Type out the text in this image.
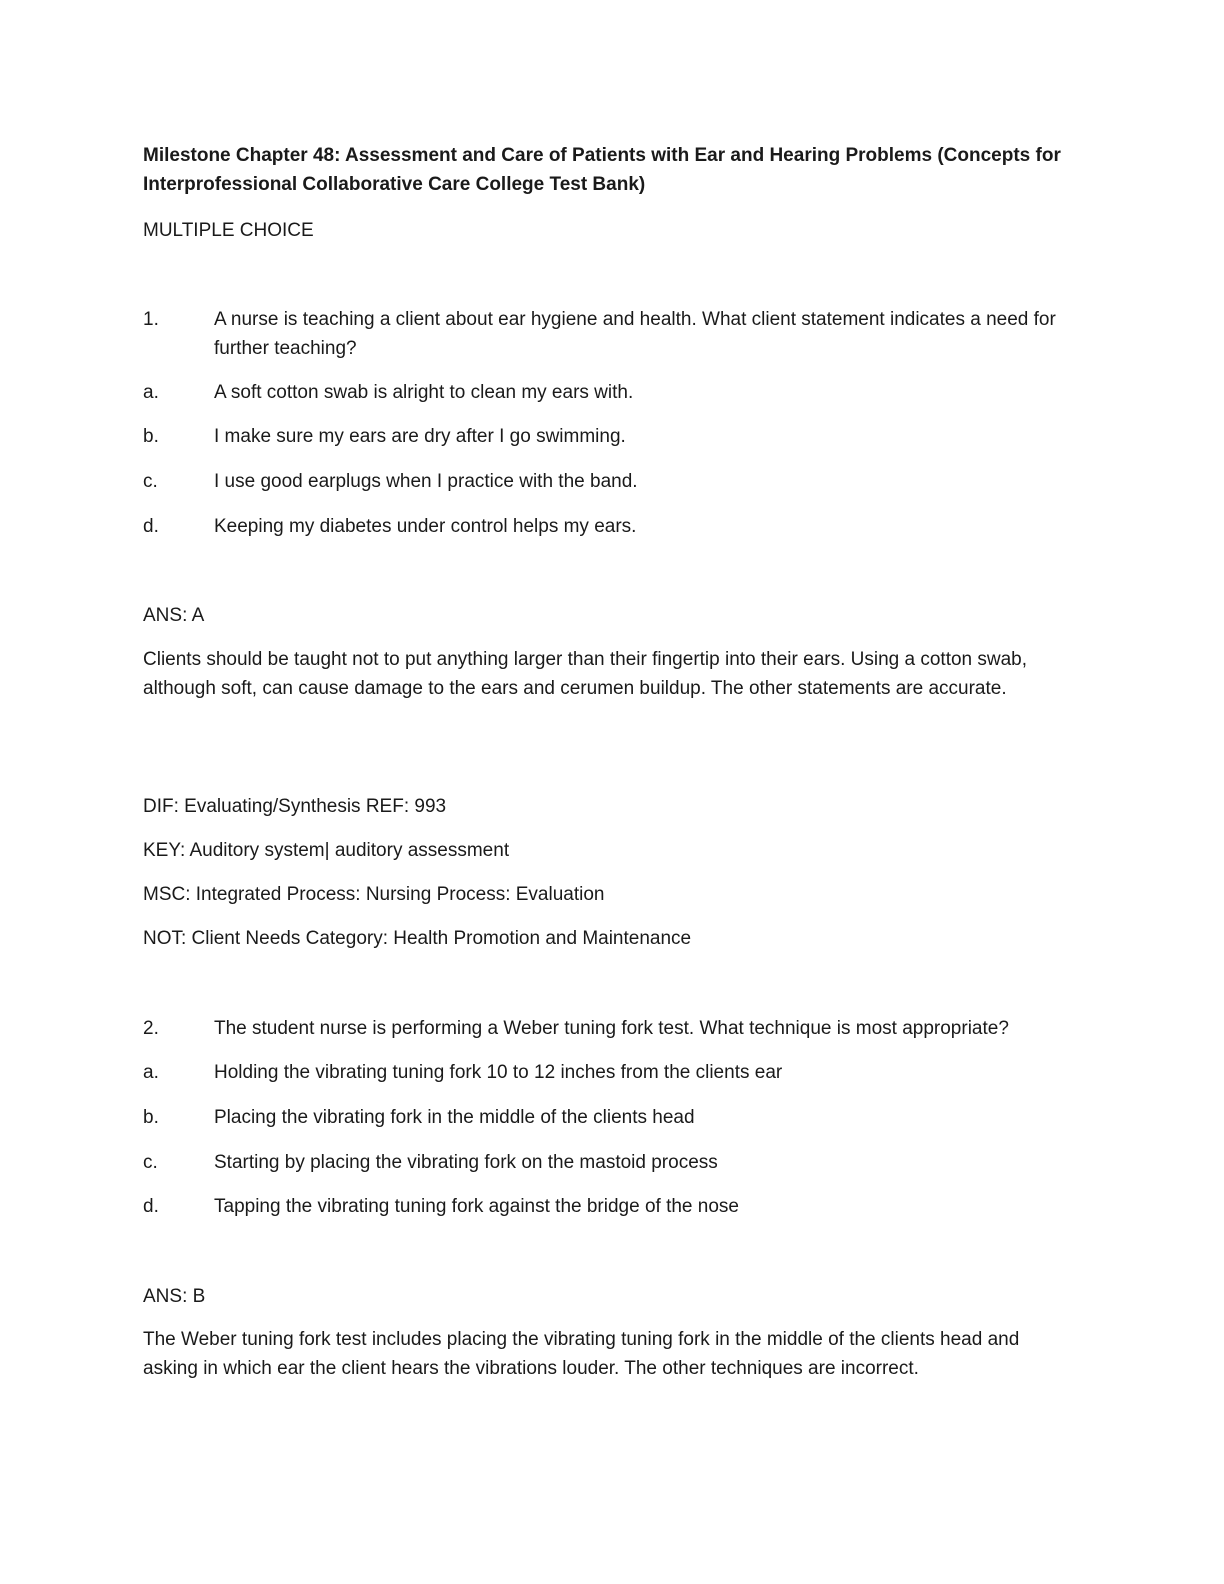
Milestone Chapter 48: Assessment and Care of Patients with Ear and Hearing Problems (Concepts for Interprofessional Collaborative Care College Test Bank)
MULTIPLE CHOICE
1.	A nurse is teaching a client about ear hygiene and health. What client statement indicates a need for further teaching?
a.	A soft cotton swab is alright to clean my ears with.
b.	I make sure my ears are dry after I go swimming.
c.	I use good earplugs when I practice with the band.
d.	Keeping my diabetes under control helps my ears.
ANS: A
Clients should be taught not to put anything larger than their fingertip into their ears. Using a cotton swab, although soft, can cause damage to the ears and cerumen buildup. The other statements are accurate.
DIF: Evaluating/Synthesis REF: 993
KEY: Auditory system| auditory assessment
MSC: Integrated Process: Nursing Process: Evaluation
NOT: Client Needs Category: Health Promotion and Maintenance
2.	The student nurse is performing a Weber tuning fork test. What technique is most appropriate?
a.	Holding the vibrating tuning fork 10 to 12 inches from the clients ear
b.	Placing the vibrating fork in the middle of the clients head
c.	Starting by placing the vibrating fork on the mastoid process
d.	Tapping the vibrating tuning fork against the bridge of the nose
ANS: B
The Weber tuning fork test includes placing the vibrating tuning fork in the middle of the clients head and asking in which ear the client hears the vibrations louder. The other techniques are incorrect.
